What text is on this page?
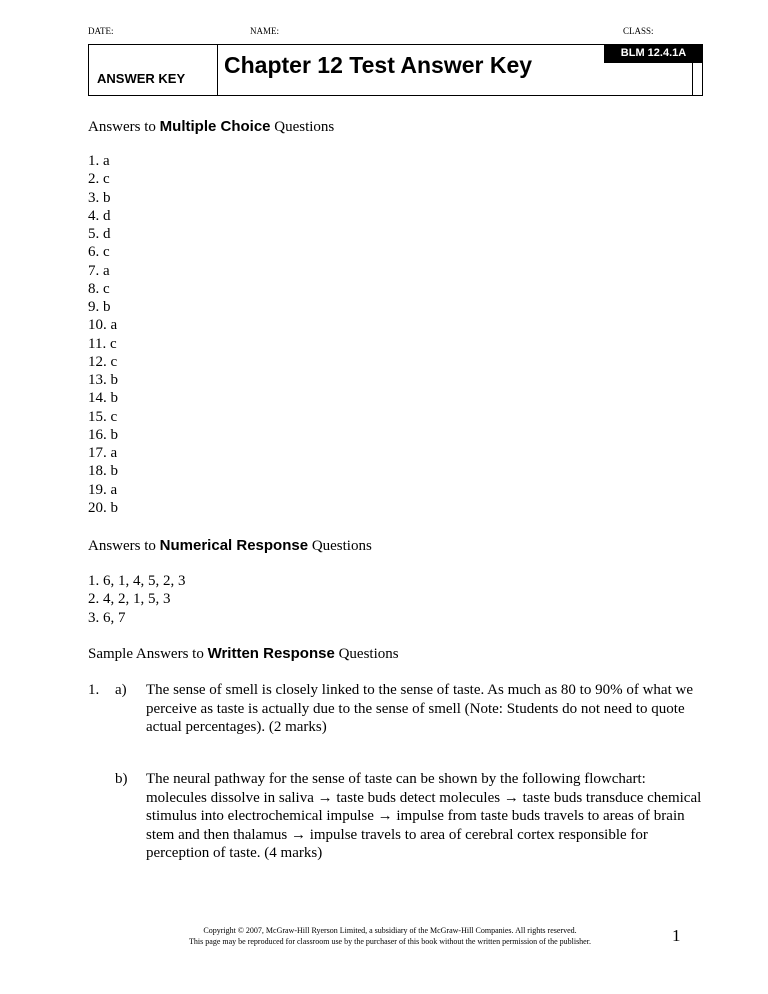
DATE:	NAME:	CLASS:
ANSWER KEY
Chapter 12 Test Answer Key	BLM 12.4.1A
Answers to Multiple Choice Questions
1. a
2. c
3. b
4. d
5. d
6. c
7. a
8. c
9. b
10. a
11. c
12. c
13. b
14. b
15. c
16. b
17. a
18. b
19. a
20. b
Answers to Numerical Response Questions
1. 6, 1, 4, 5, 2, 3
2. 4, 2, 1, 5, 3
3. 6, 7
Sample Answers to Written Response Questions
1. a) The sense of smell is closely linked to the sense of taste. As much as 80 to 90% of what we perceive as taste is actually due to the sense of smell (Note: Students do not need to quote actual percentages). (2 marks)
b) The neural pathway for the sense of taste can be shown by the following flowchart: molecules dissolve in saliva → taste buds detect molecules → taste buds transduce chemical stimulus into electrochemical impulse → impulse from taste buds travels to areas of brain stem and then thalamus → impulse travels to area of cerebral cortex responsible for perception of taste. (4 marks)
Copyright © 2007, McGraw-Hill Ryerson Limited, a subsidiary of the McGraw-Hill Companies. All rights reserved.
This page may be reproduced for classroom use by the purchaser of this book without the written permission of the publisher.	1
